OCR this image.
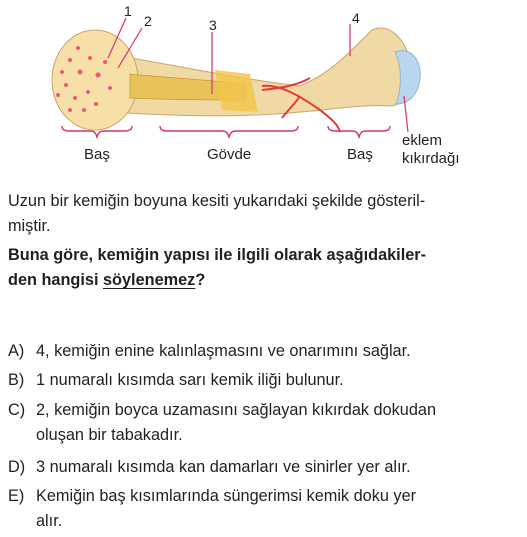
1
2	3	4
Baş	Gövde	Baş
eklem
kıkırdağı
Uzun bir kemiğin boyuna kesiti yukarıdaki şekilde gösteril-
miştir.
Buna göre, kemiğin yapısı ile ilgili olarak aşağıdakiler-
den hangisi söylenemez?
A) 4, kemiğin enine kalınlaşmasını ve onarımını sağlar.
B) 1 numaralı kısımda sarı kemik iliği bulunur.
C) 2, kemiğin boyca uzamasını sağlayan kıkırdak dokudan
oluşan bir tabakadır.
D) 3 numaralı kısımda kan damarları ve sinirler yer alır.
E) Kemiğin baş kısımlarında süngerimsi kemik doku yer
alır.
